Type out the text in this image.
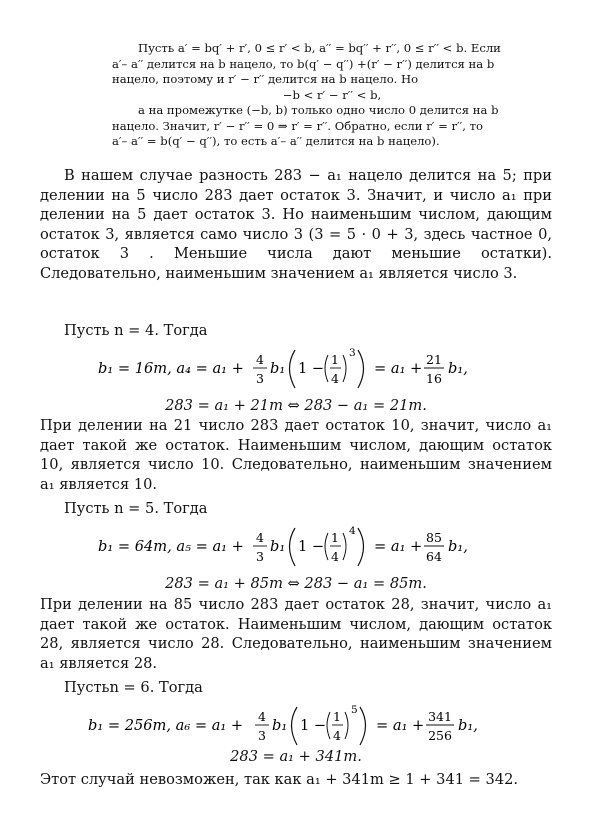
Пусть a′ = bq′ + r′, 0 ≤ r′ < b, a′′ = bq′′ + r′′, 0 ≤ r′′ < b. Если

a′– a′′ делится на b нацело, то b(q′ − q′′) +(r′ − r′′) делится на b

нацело, поэтому и r′ − r′′ делится на b нацело. Но

−b < r′ − r′′ < b,

а на промежутке (−b, b) только одно число 0 делится на b

нацело. Значит, r′ − r′′ = 0 ⇒ r′ = r′′. Обратно, если r′ = r′′, то

a′– a′′ = b(q′ − q′′), то есть a′– a′′ делится на b нацело).

В нашем случае разность 283 − a₁ нацело делится на 5; при делении на 5 число 283 дает остаток 3. Значит, и число a₁ при делении на 5 дает остаток 3. Но наименьшим числом, дающим остаток 3, является само число 3 (3 = 5 · 0 + 3, здесь частное 0, остаток 3 . Меньшие числа дают меньшие остатки). Следовательно, наименьшим значением a₁ является число 3.

Пусть n = 4. Тогда

b₁ = 16m, a₄ = a₁ +
4
3
b₁ 1 −
1
4
3
= a₁ +
21
16
b₁,
283 = a₁ + 21m ⇔ 283 − a₁ = 21m.

При делении на 21 число 283 дает остаток 10, значит, число a₁ дает такой же остаток. Наименьшим числом, дающим остаток 10, является число 10. Следовательно, наименьшим значением a₁ является 10.

Пусть n = 5. Тогда

b₁ = 64m, a₅ = a₁ +
4
3
b₁ 1 −
1
4
4
= a₁ +
85
64
b₁,
283 = a₁ + 85m ⇔ 283 − a₁ = 85m.

При делении на 85 число 283 дает остаток 28, значит, число a₁ дает такой же остаток. Наименьшим числом, дающим остаток 28, является число 28. Следовательно, наименьшим значением a₁ является 28.

Пустьn = 6. Тогда

b₁ = 256m, a₆ = a₁ +
4
3
b₁ 1 −
1
4
5
= a₁ +
341
256
b₁,
283 = a₁ + 341m.

Этот случай невозможен, так как a₁ + 341m ≥ 1 + 341 = 342.
